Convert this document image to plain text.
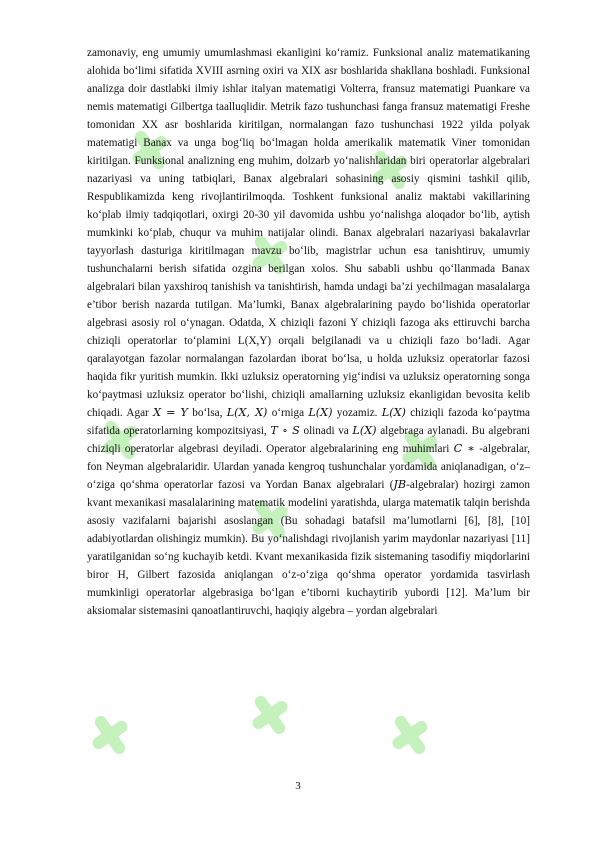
zamonaviy, eng umumiy umumlashmasi ekanligini ko‘ramiz. Funksional analiz matematikaning alohida bo‘limi sifatida XVIII asrning oxiri va XIX asr boshlarida shakllana boshladi. Funksional analizga doir dastlabki ilmiy ishlar italyan matematigi Volterra, fransuz matematigi Puankare va nemis matematigi Gilbertga taalluqlidir. Metrik fazo tushunchasi fanga fransuz matematigi Freshe tomonidan XX asr boshlarida kiritilgan, normalangan fazo tushunchasi 1922 yilda polyak matematigi Banax va unga bog‘liq bo‘lmagan holda amerikalik matematik Viner tomonidan kiritilgan. Funksional analizning eng muhim, dolzarb yo‘nalishlaridan biri operatorlar algebralari nazariyasi va uning tatbiqlari, Banax algebralari sohasining asosiy qismini tashkil qilib, Respublikamizda keng rivojlantirilmoqda. Toshkent funksional analiz maktabi vakillarining ko‘plab ilmiy tadqiqotlari, oxirgi 20-30 yil davomida ushbu yo‘nalishga aloqador bo‘lib, aytish mumkinki ko‘plab, chuqur va muhim natijalar olindi. Banax algebralari nazariyasi bakalavrlar tayyorlash dasturiga kiritilmagan mavzu bo‘lib, magistrlar uchun esa tanishtiruv, umumiy tushunchalarni berish sifatida ozgina berilgan xolos. Shu sababli ushbu qo‘llanmada Banax algebralari bilan yaxshiroq tanishish va tanishtirish, hamda undagi ba’zi yechilmagan masalalarga e’tibor berish nazarda tutilgan. Ma’lumki, Banax algebralarining paydo bo‘lishida operatorlar algebrasi asosiy rol o‘ynagan. Odatda, X chiziqli fazoni Y chiziqli fazoga aks ettiruvchi barcha chiziqli operatorlar to‘plamini L(X,Y) orqali belgilanadi va u chiziqli fazo bo‘ladi. Agar qaralayotgan fazolar normalangan fazolardan iborat bo‘lsa, u holda uzluksiz operatorlar fazosi haqida fikr yuritish mumkin. Ikki uzluksiz operatorning yig‘indisi va uzluksiz operatorning songa ko‘paytmasi uzluksiz operator bo‘lishi, chiziqli amallarning uzluksiz ekanligidan bevosita kelib chiqadi. Agar X = Y bo‘lsa, L(X, X) o‘rniga L(X) yozamiz. L(X) chiziqli fazoda ko‘paytma sifatida operatorlarning kompozitsiyasi, T ∘ S olinadi va L(X) algebraga aylanadi. Bu algebrani chiziqli operatorlar algebrasi deyiladi. Operator algebralarining eng muhimlari C ∗ -algebralar, fon Neyman algebralaridir. Ulardan yanada kengroq tushunchalar yordamida aniqlanadigan, o‘z–o‘ziga qo‘shma operatorlar fazosi va Yordan Banax algebralari (JB-algebralar) hozirgi zamon kvant mexanikasi masalalarining matematik modelini yaratishda, ularga matematik talqin berishda asosiy vazifalarni bajarishi asoslangan (Bu sohadagi batafsil ma’lumotlarni [6], [8], [10] adabiyotlardan olishingiz mumkin). Bu yo‘nalishdagi rivojlanish yarim maydonlar nazariyasi [11] yaratilganidan so‘ng kuchayib ketdi. Kvant mexanikasida fizik sistemaning tasodifiy miqdorlarini biror H, Gilbert fazosida aniqlangan o‘z-o‘ziga qo‘shma operator yordamida tasvirlash mumkinligi operatorlar algebrasiga bo‘lgan e’tiborni kuchaytirib yubordi [12]. Ma’lum bir aksiomalar sistemasini qanoatlantiruvchi, haqiqiy algebra – yordan algebralari

3
